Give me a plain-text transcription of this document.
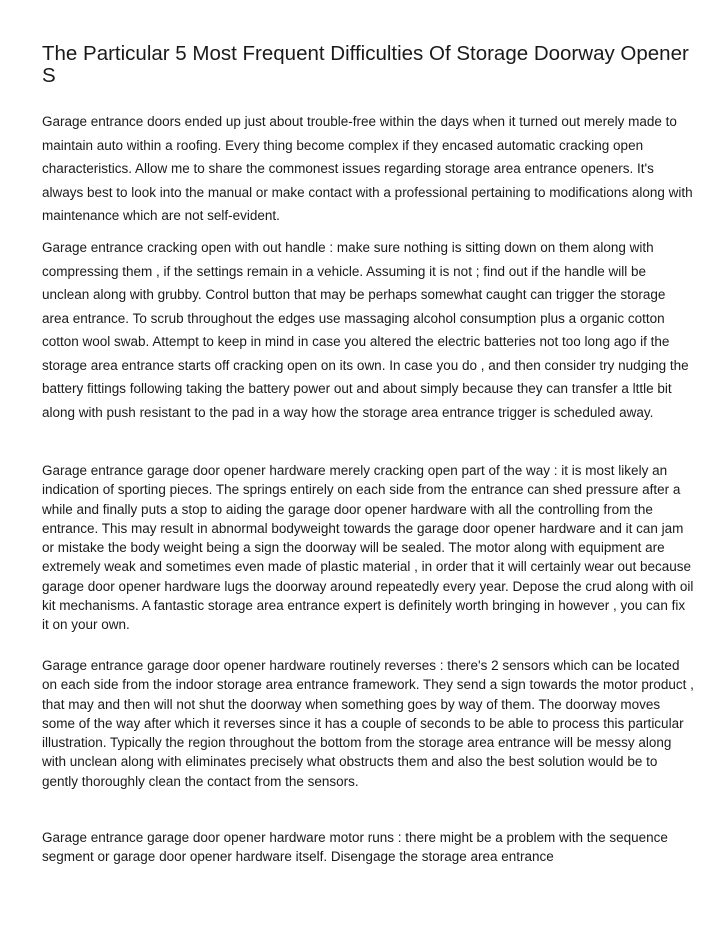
The Particular 5 Most Frequent Difficulties Of Storage Doorway Opener S

Garage entrance doors ended up just about trouble-free within the days when it turned out merely made to maintain auto within a roofing. Every thing become complex if they encased automatic cracking open characteristics. Allow me to share the commonest issues regarding storage area entrance openers. It's always best to look into the manual or make contact with a professional pertaining to modifications along with maintenance which are not self-evident.

Garage entrance cracking open with out handle : make sure nothing is sitting down on them along with compressing them , if the settings remain in a vehicle. Assuming it is not ; find out if the handle will be unclean along with grubby. Control button that may be perhaps somewhat caught can trigger the storage area entrance. To scrub throughout the edges use massaging alcohol consumption plus a organic cotton cotton wool swab. Attempt to keep in mind in case you altered the electric batteries not too long ago if the storage area entrance starts off cracking open on its own. In case you do , and then consider try nudging the battery fittings following taking the battery power out and about simply because they can transfer a lttle bit along with push resistant to the pad in a way how the storage area entrance trigger is scheduled away.

Garage entrance garage door opener hardware merely cracking open part of the way : it is most likely an indication of sporting pieces. The springs entirely on each side from the entrance can shed pressure after a while and finally puts a stop to aiding the garage door opener hardware with all the controlling from the entrance. This may result in abnormal bodyweight towards the garage door opener hardware and it can jam or mistake the body weight being a sign the doorway will be sealed. The motor along with equipment are extremely weak and sometimes even made of plastic material , in order that it will certainly wear out because garage door opener hardware lugs the doorway around repeatedly every year. Depose the crud along with oil kit mechanisms. A fantastic storage area entrance expert is definitely worth bringing in however , you can fix it on your own.

Garage entrance garage door opener hardware routinely reverses : there's 2 sensors which can be located on each side from the indoor storage area entrance framework. They send a sign towards the motor product , that may and then will not shut the doorway when something goes by way of them. The doorway moves some of the way after which it reverses since it has a couple of seconds to be able to process this particular illustration. Typically the region throughout the bottom from the storage area entrance will be messy along with unclean along with eliminates precisely what obstructs them and also the best solution would be to gently thoroughly clean the contact from the sensors.

Garage entrance garage door opener hardware motor runs : there might be a problem with the sequence segment or garage door opener hardware itself. Disengage the storage area entrance
